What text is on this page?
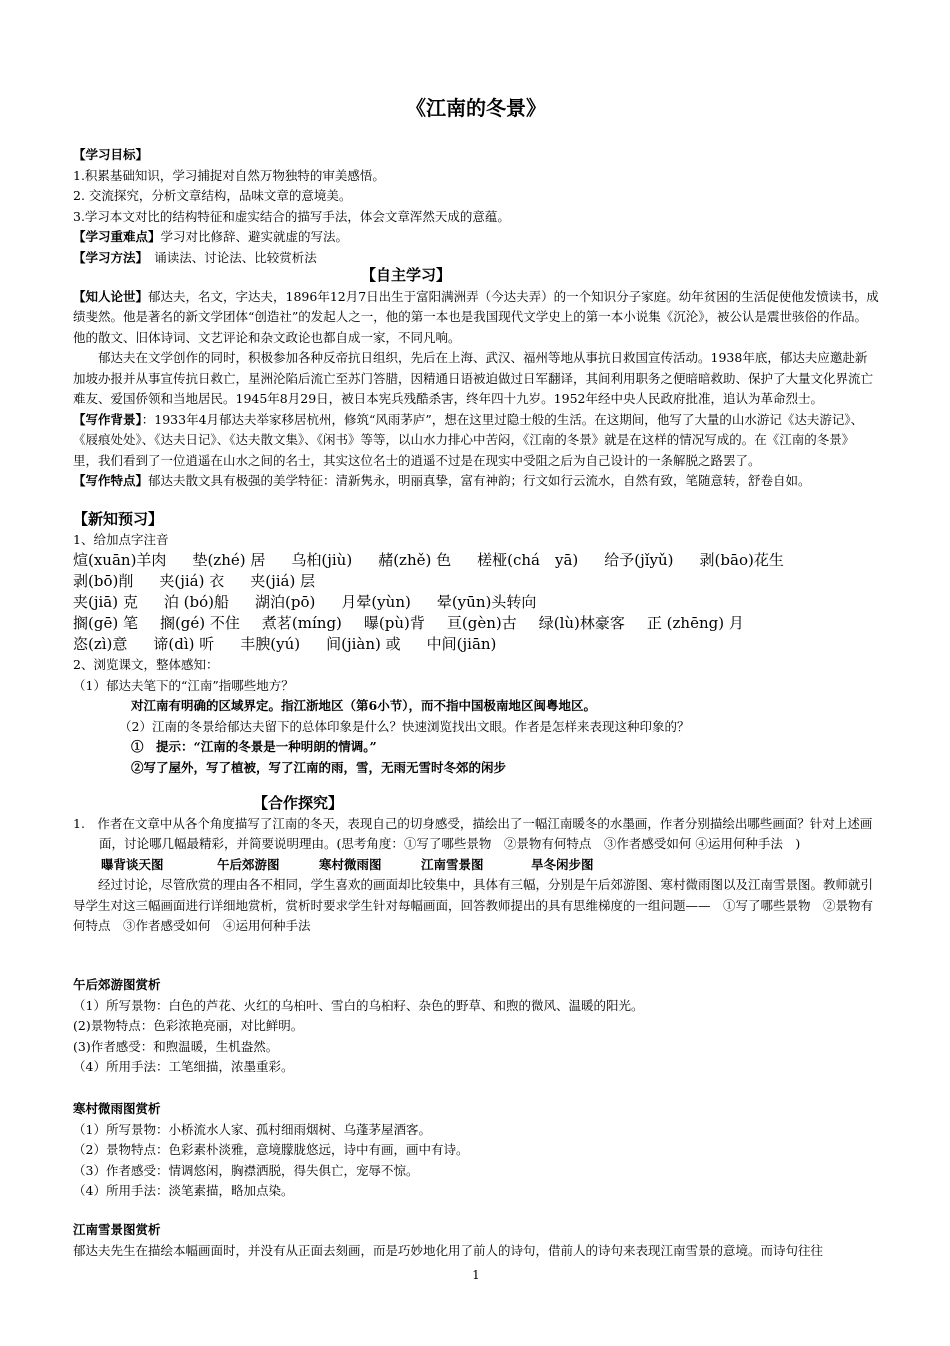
《江南的冬景》

【学习目标】

1.积累基础知识，学习捕捉对自然万物独特的审美感悟。

2. 交流探究，分析文章结构，品味文章的意境美。

3.学习本文对比的结构特征和虚实结合的描写手法，体会文章浑然天成的意蕴。

【学习重难点】学习对比修辞、避实就虚的写法。

【学习方法】　诵读法、讨论法、比较赏析法

【自主学习】

【知人论世】郁达夫，名文，字达夫，1896年12月7日出生于富阳满洲弄（今达夫弄）的一个知识分子家庭。幼年贫困的生活促使他发愤读书，成绩斐然。他是著名的新文学团体“创造社”的发起人之一，他的第一本也是我国现代文学史上的第一本小说集《沉沦》，被公认是震世骇俗的作品。他的散文、旧体诗词、文艺评论和杂文政论也都自成一家，不同凡响。

郁达夫在文学创作的同时，积极参加各种反帝抗日组织，先后在上海、武汉、福州等地从事抗日救国宣传活动。1938年底，郁达夫应邀赴新加坡办报并从事宣传抗日救亡，星洲沦陷后流亡至苏门答腊，因精通日语被迫做过日军翻译，其间利用职务之便暗暗救助、保护了大量文化界流亡难友、爱国侨领和当地居民。1945年8月29日，被日本宪兵残酷杀害，终年四十九岁。1952年经中央人民政府批准，追认为革命烈士。

【写作背景】：1933年4月郁达夫举家移居杭州，修筑“风雨茅庐”，想在这里过隐士般的生活。在这期间，他写了大量的山水游记《达夫游记》、《屐痕处处》、《达夫日记》、《达夫散文集》、《闲书》等等，以山水力排心中苦闷，《江南的冬景》就是在这样的情况写成的。在《江南的冬景》里，我们看到了一位逍遥在山水之间的名士，其实这位名士的逍遥不过是在现实中受阻之后为自己设计的一条解脱之路罢了。

【写作特点】郁达夫散文具有极强的美学特征：清新隽永，明丽真挚，富有神韵；行文如行云流水，自然有致，笔随意转，舒卷自如。

【新知预习】

1、给加点字注音

煊(xuān)羊肉 垫(zhé) 居 乌桕(jiù) 赭(zhě) 色 槎桠(chá　yā) 给予(jǐyǔ) 剥(bāo)花生
剥(bō)削 夹(jiá) 衣 夹(jiá) 层
夹(jiā) 克 泊 (bó)船 湖泊(pō) 月晕(yùn) 晕(yūn)头转向
搁(gē) 笔 搁(gé) 不住 煮茗(míng) 曝(pù)背 亘(gèn)古 绿(lù)林豪客 正 (zhēng) 月
恣(zì)意 谛(dì) 听 丰腴(yú) 间(jiàn) 或 中间(jiān)

2、浏览课文，整体感知：

（1）郁达夫笔下的“江南”指哪些地方？

对江南有明确的区域界定。指江浙地区（第6小节），而不指中国极南地区闽粤地区。

（2）江南的冬景给郁达夫留下的总体印象是什么？快速浏览找出文眼。作者是怎样来表现这种印象的？

①　提示：“江南的冬景是一种明朗的情调。”

②写了屋外，写了植被，写了江南的雨，雪，无雨无雪时冬郊的闲步

【合作探究】

1.　作者在文章中从各个角度描写了江南的冬天，表现自己的切身感受，描绘出了一幅江南暖冬的水墨画，作者分别描绘出哪些画面？针对上述画面，讨论哪几幅最精彩，并简要说明理由。(思考角度：①写了哪些景物　②景物有何特点　③作者感受如何 ④运用何种手法　)

曝背谈天图	午后郊游图	寒村微雨图	江南雪景图	旱冬闲步图

经过讨论，尽管欣赏的理由各不相同，学生喜欢的画面却比较集中，具体有三幅，分别是午后郊游图、寒村微雨图以及江南雪景图。教师就引导学生对这三幅画面进行详细地赏析，赏析时要求学生针对每幅画面，回答教师提出的具有思维梯度的一组问题——　①写了哪些景物　②景物有何特点　③作者感受如何　④运用何种手法

午后郊游图赏析

（1）所写景物：白色的芦花、火红的乌桕叶、雪白的乌桕籽、杂色的野草、和煦的微风、温暖的阳光。

(2)景物特点：色彩浓艳亮丽，对比鲜明。

(3)作者感受：和煦温暖，生机盎然。

（4）所用手法：工笔细描，浓墨重彩。

寒村微雨图赏析

（1）所写景物：小桥流水人家、孤村细雨烟树、乌蓬茅屋酒客。

（2）景物特点：色彩素朴淡雅，意境朦胧悠远，诗中有画，画中有诗。

（3）作者感受：情调悠闲，胸襟洒脱，得失俱亡，宠辱不惊。

（4）所用手法：淡笔素描，略加点染。

江南雪景图赏析

郁达夫先生在描绘本幅画面时，并没有从正面去刻画，而是巧妙地化用了前人的诗句，借前人的诗句来表现江南雪景的意境。而诗句往往

1
